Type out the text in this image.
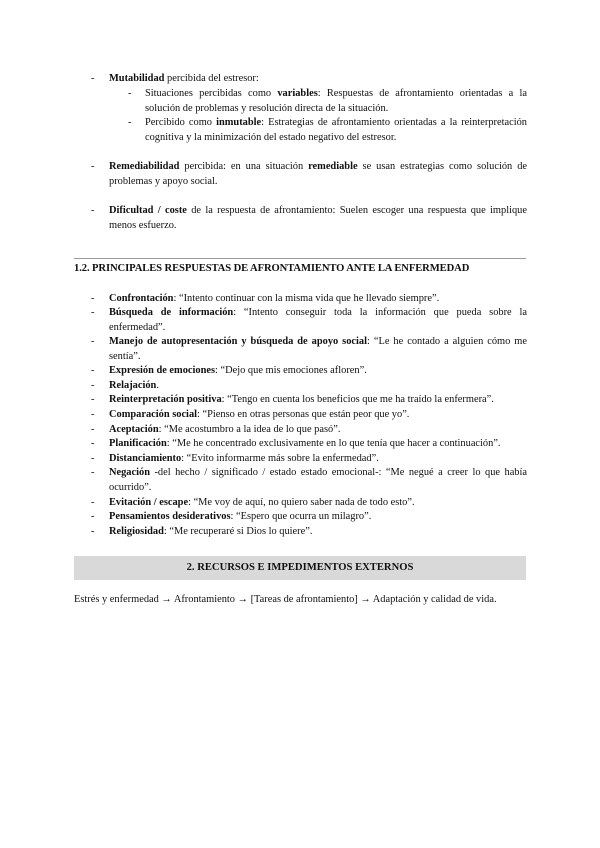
- Mutabilidad percibida del estresor:
- Situaciones percibidas como variables: Respuestas de afrontamiento orientadas a la solución de problemas y resolución directa de la situación.
- Percibido como inmutable: Estrategias de afrontamiento orientadas a la reinterpretación cognitiva y la minimización del estado negativo del estresor.
- Remediabilidad percibida: en una situación remediable se usan estrategias como solución de problemas y apoyo social.
- Dificultad / coste de la respuesta de afrontamiento: Suelen escoger una respuesta que implique menos esfuerzo.
1.2. PRINCIPALES RESPUESTAS DE AFRONTAMIENTO ANTE LA ENFERMEDAD
- Confrontación: “Intento continuar con la misma vida que he llevado siempre”.
- Búsqueda de información: “Intento conseguir toda la información que pueda sobre la enfermedad”.
- Manejo de autopresentación y búsqueda de apoyo social: “Le he contado a alguien cómo me sentía”.
- Expresión de emociones: “Dejo que mis emociones afloren”.
- Relajación.
- Reinterpretación positiva: “Tengo en cuenta los beneficios que me ha traído la enfermera”.
- Comparación social: “Pienso en otras personas que están peor que yo”.
- Aceptación: “Me acostumbro a la idea de lo que pasó”.
- Planificación: “Me he concentrado exclusivamente en lo que tenía que hacer a continuación”.
- Distanciamiento: “Evito informarme más sobre la enfermedad”.
- Negación -del hecho / significado / estado estado emocional-: “Me negué a creer lo que había ocurrido”.
- Evitación / escape: “Me voy de aquí, no quiero saber nada de todo esto”.
- Pensamientos desiderativos: “Espero que ocurra un milagro”.
- Religiosidad: “Me recuperaré si Dios lo quiere”.
2. RECURSOS E IMPEDIMENTOS EXTERNOS
Estrés y enfermedad → Afrontamiento → [Tareas de afrontamiento] → Adaptación y calidad de vida.
